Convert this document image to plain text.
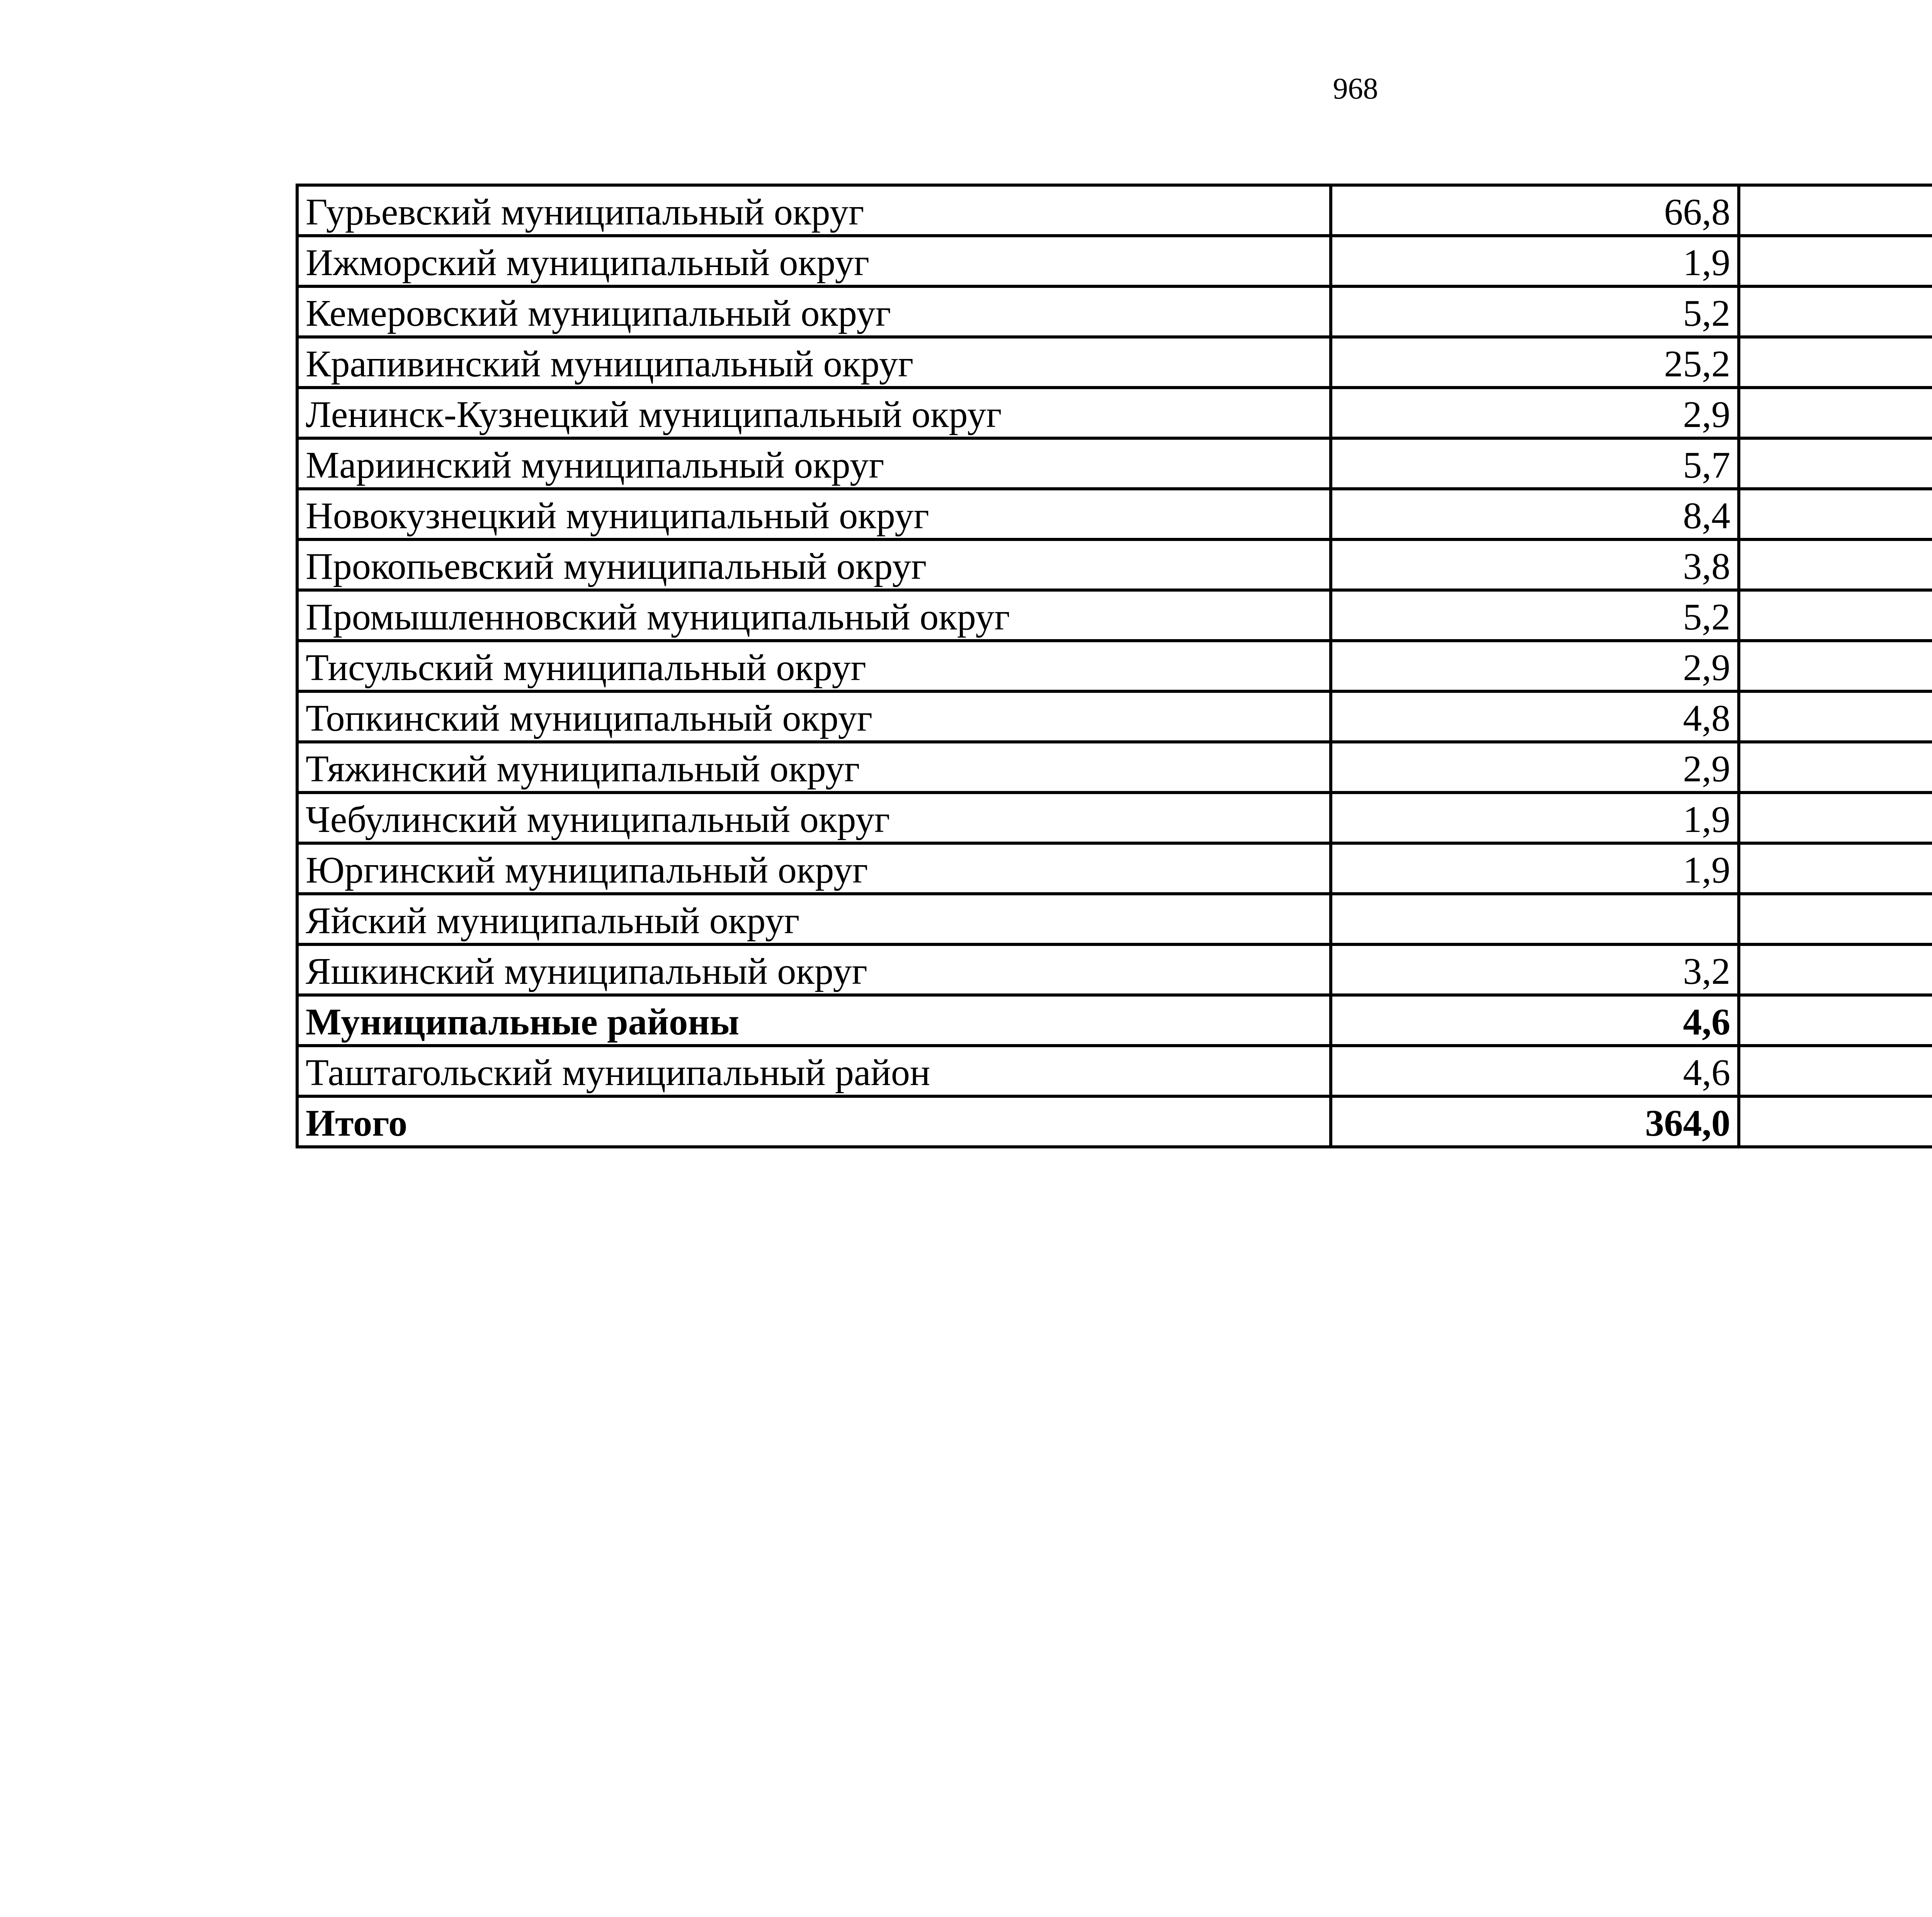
968
Гурьевский муниципальный округ	66,8		
Ижморский муниципальный округ	1,9		
Кемеровский муниципальный округ	5,2		
Крапивинский муниципальный округ	25,2		
Ленинск-Кузнецкий муниципальный округ	2,9		
Мариинский муниципальный округ	5,7		
Новокузнецкий муниципальный округ	8,4		
Прокопьевский муниципальный округ	3,8		
Промышленновский муниципальный округ	5,2		
Тисульский муниципальный округ	2,9		
Топкинский муниципальный округ	4,8		
Тяжинский муниципальный округ	2,9		
Чебулинский муниципальный округ	1,9		
Юргинский муниципальный округ	1,9		
Яйский муниципальный округ			
Яшкинский муниципальный округ	3,2		
Муниципальные районы	4,6		
Таштагольский муниципальный район	4,6		
Итого	364,0		
